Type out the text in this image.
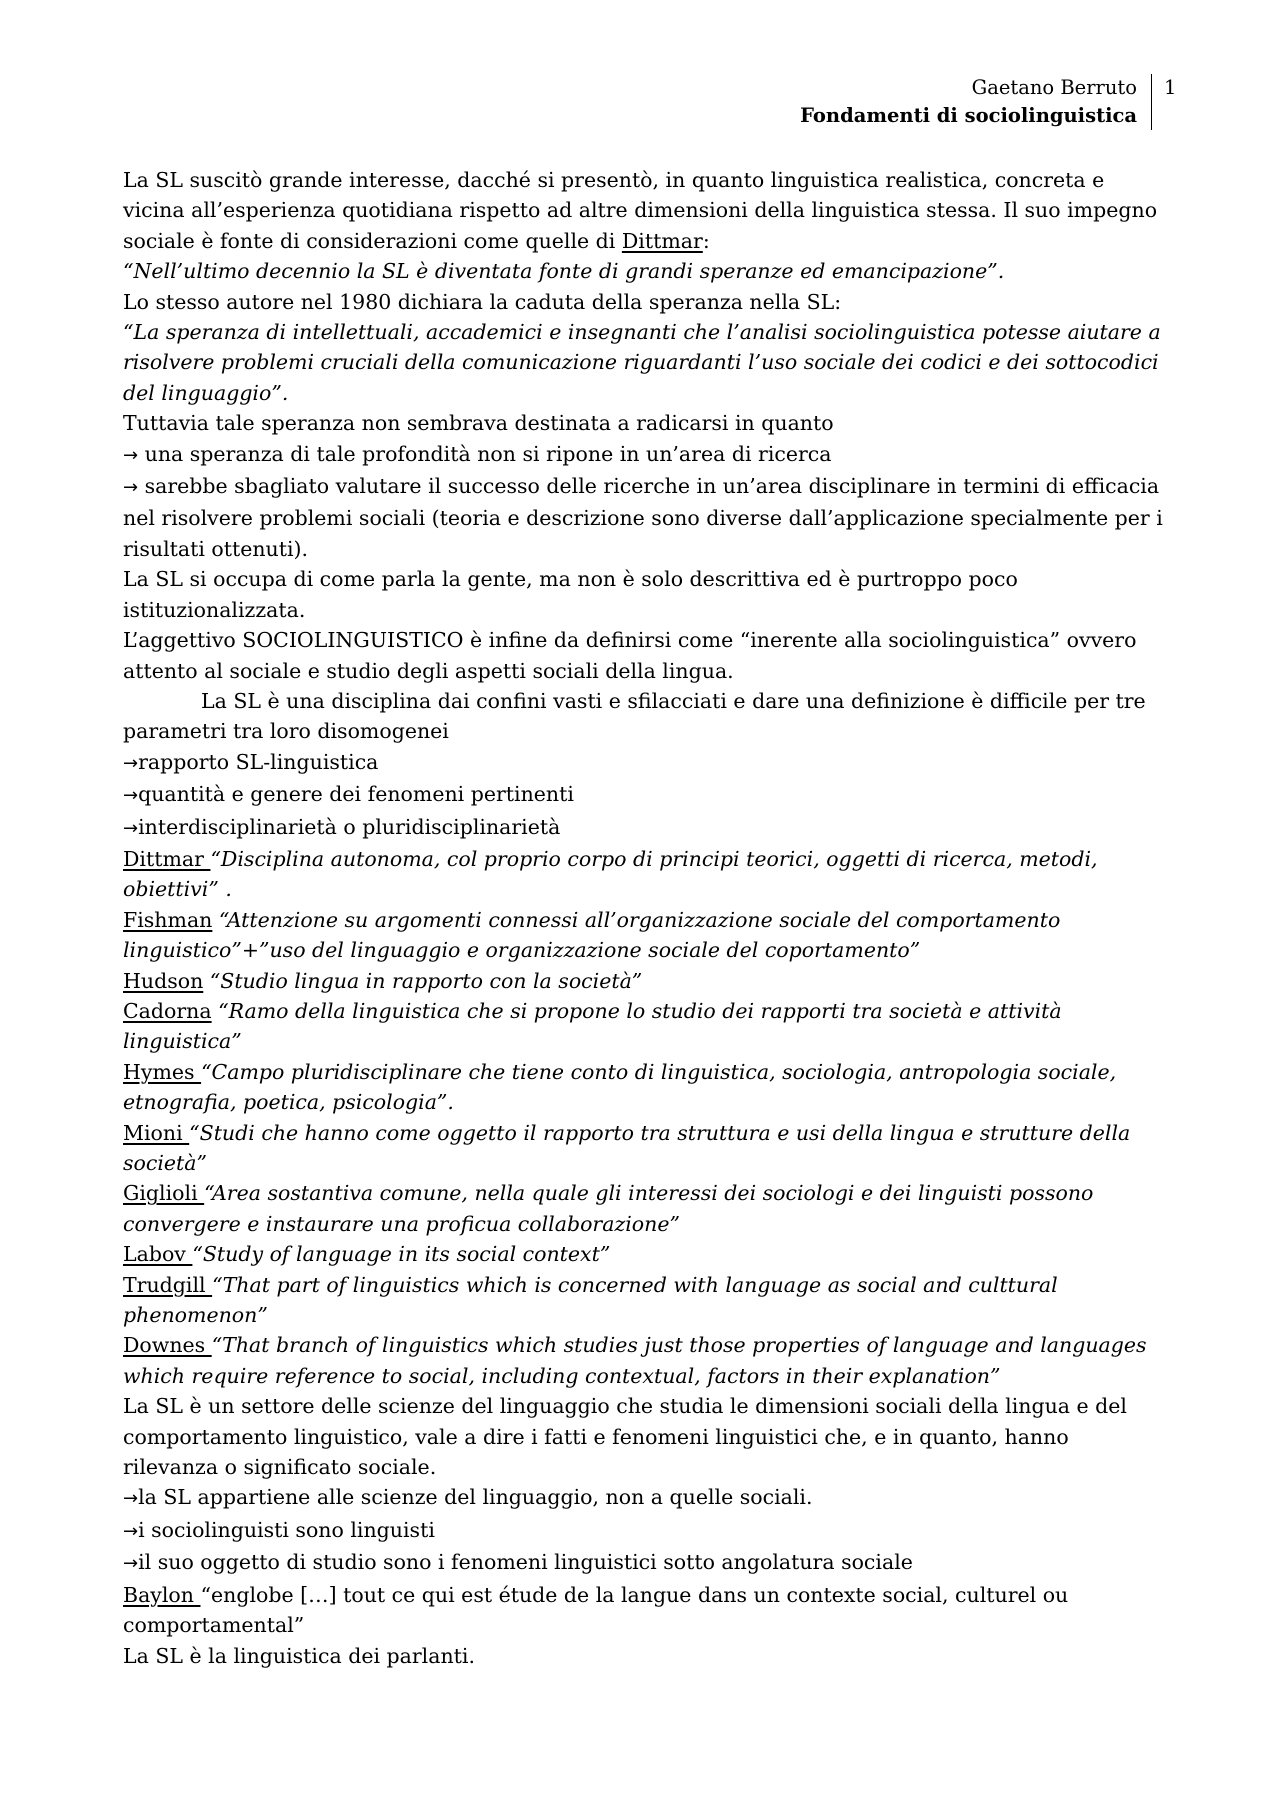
Gaetano Berruto
Fondamenti di sociolinguistica
1

La SL suscitò grande interesse, dacché si presentò, in quanto linguistica realistica, concreta e vicina all’esperienza quotidiana rispetto ad altre dimensioni della linguistica stessa. Il suo impegno sociale è fonte di considerazioni come quelle di Dittmar:

“Nell’ultimo decennio la SL è diventata fonte di grandi speranze ed emancipazione”.

Lo stesso autore nel 1980 dichiara la caduta della speranza nella SL:

“La speranza di intellettuali, accademici e insegnanti che l’analisi sociolinguistica potesse aiutare a risolvere problemi cruciali della comunicazione riguardanti l’uso sociale dei codici e dei sottocodici del linguaggio”.

Tuttavia tale speranza non sembrava destinata a radicarsi in quanto

→ una speranza di tale profondità non si ripone in un’area di ricerca

→ sarebbe sbagliato valutare il successo delle ricerche in un’area disciplinare in termini di efficacia nel risolvere problemi sociali (teoria e descrizione sono diverse dall’applicazione specialmente per i risultati ottenuti).

La SL si occupa di come parla la gente, ma non è solo descrittiva ed è purtroppo poco istituzionalizzata.

L’aggettivo SOCIOLINGUISTICO è infine da definirsi come “inerente alla sociolinguistica” ovvero attento al sociale e studio degli aspetti sociali della lingua.

La SL è una disciplina dai confini vasti e sfilacciati e dare una definizione è difficile per tre parametri tra loro disomogenei

→rapporto SL-linguistica

→quantità e genere dei fenomeni pertinenti

→interdisciplinarietà o pluridisciplinarietà

Dittmar “Disciplina autonoma, col proprio corpo di principi teorici, oggetti di ricerca, metodi, obiettivi” .

Fishman “Attenzione su argomenti connessi all’organizzazione sociale del comportamento linguistico”+”uso del linguaggio e organizzazione sociale del coportamento”

Hudson “Studio lingua in rapporto con la società”

Cadorna “Ramo della linguistica che si propone lo studio dei rapporti tra società e attività linguistica”

Hymes “Campo pluridisciplinare che tiene conto di linguistica, sociologia, antropologia sociale, etnografia, poetica, psicologia”.

Mioni “Studi che hanno come oggetto il rapporto tra struttura e usi della lingua e strutture della società”

Giglioli “Area sostantiva comune, nella quale gli interessi dei sociologi e dei linguisti possono convergere e instaurare una proficua collaborazione”

Labov “Study of language in its social context”

Trudgill “That part of linguistics which is concerned with language as social and culttural phenomenon”

Downes “That branch of linguistics which studies just those properties of language and languages which require reference to social, including contextual, factors in their explanation”

La SL è un settore delle scienze del linguaggio che studia le dimensioni sociali della lingua e del comportamento linguistico, vale a dire i fatti e fenomeni linguistici che, e in quanto, hanno rilevanza o significato sociale.

→la SL appartiene alle scienze del linguaggio, non a quelle sociali.

→i sociolinguisti sono linguisti

→il suo oggetto di studio sono i fenomeni linguistici sotto angolatura sociale

Baylon “englobe […] tout ce qui est étude de la langue dans un contexte social, culturel ou comportamental”

La SL è la linguistica dei parlanti.
